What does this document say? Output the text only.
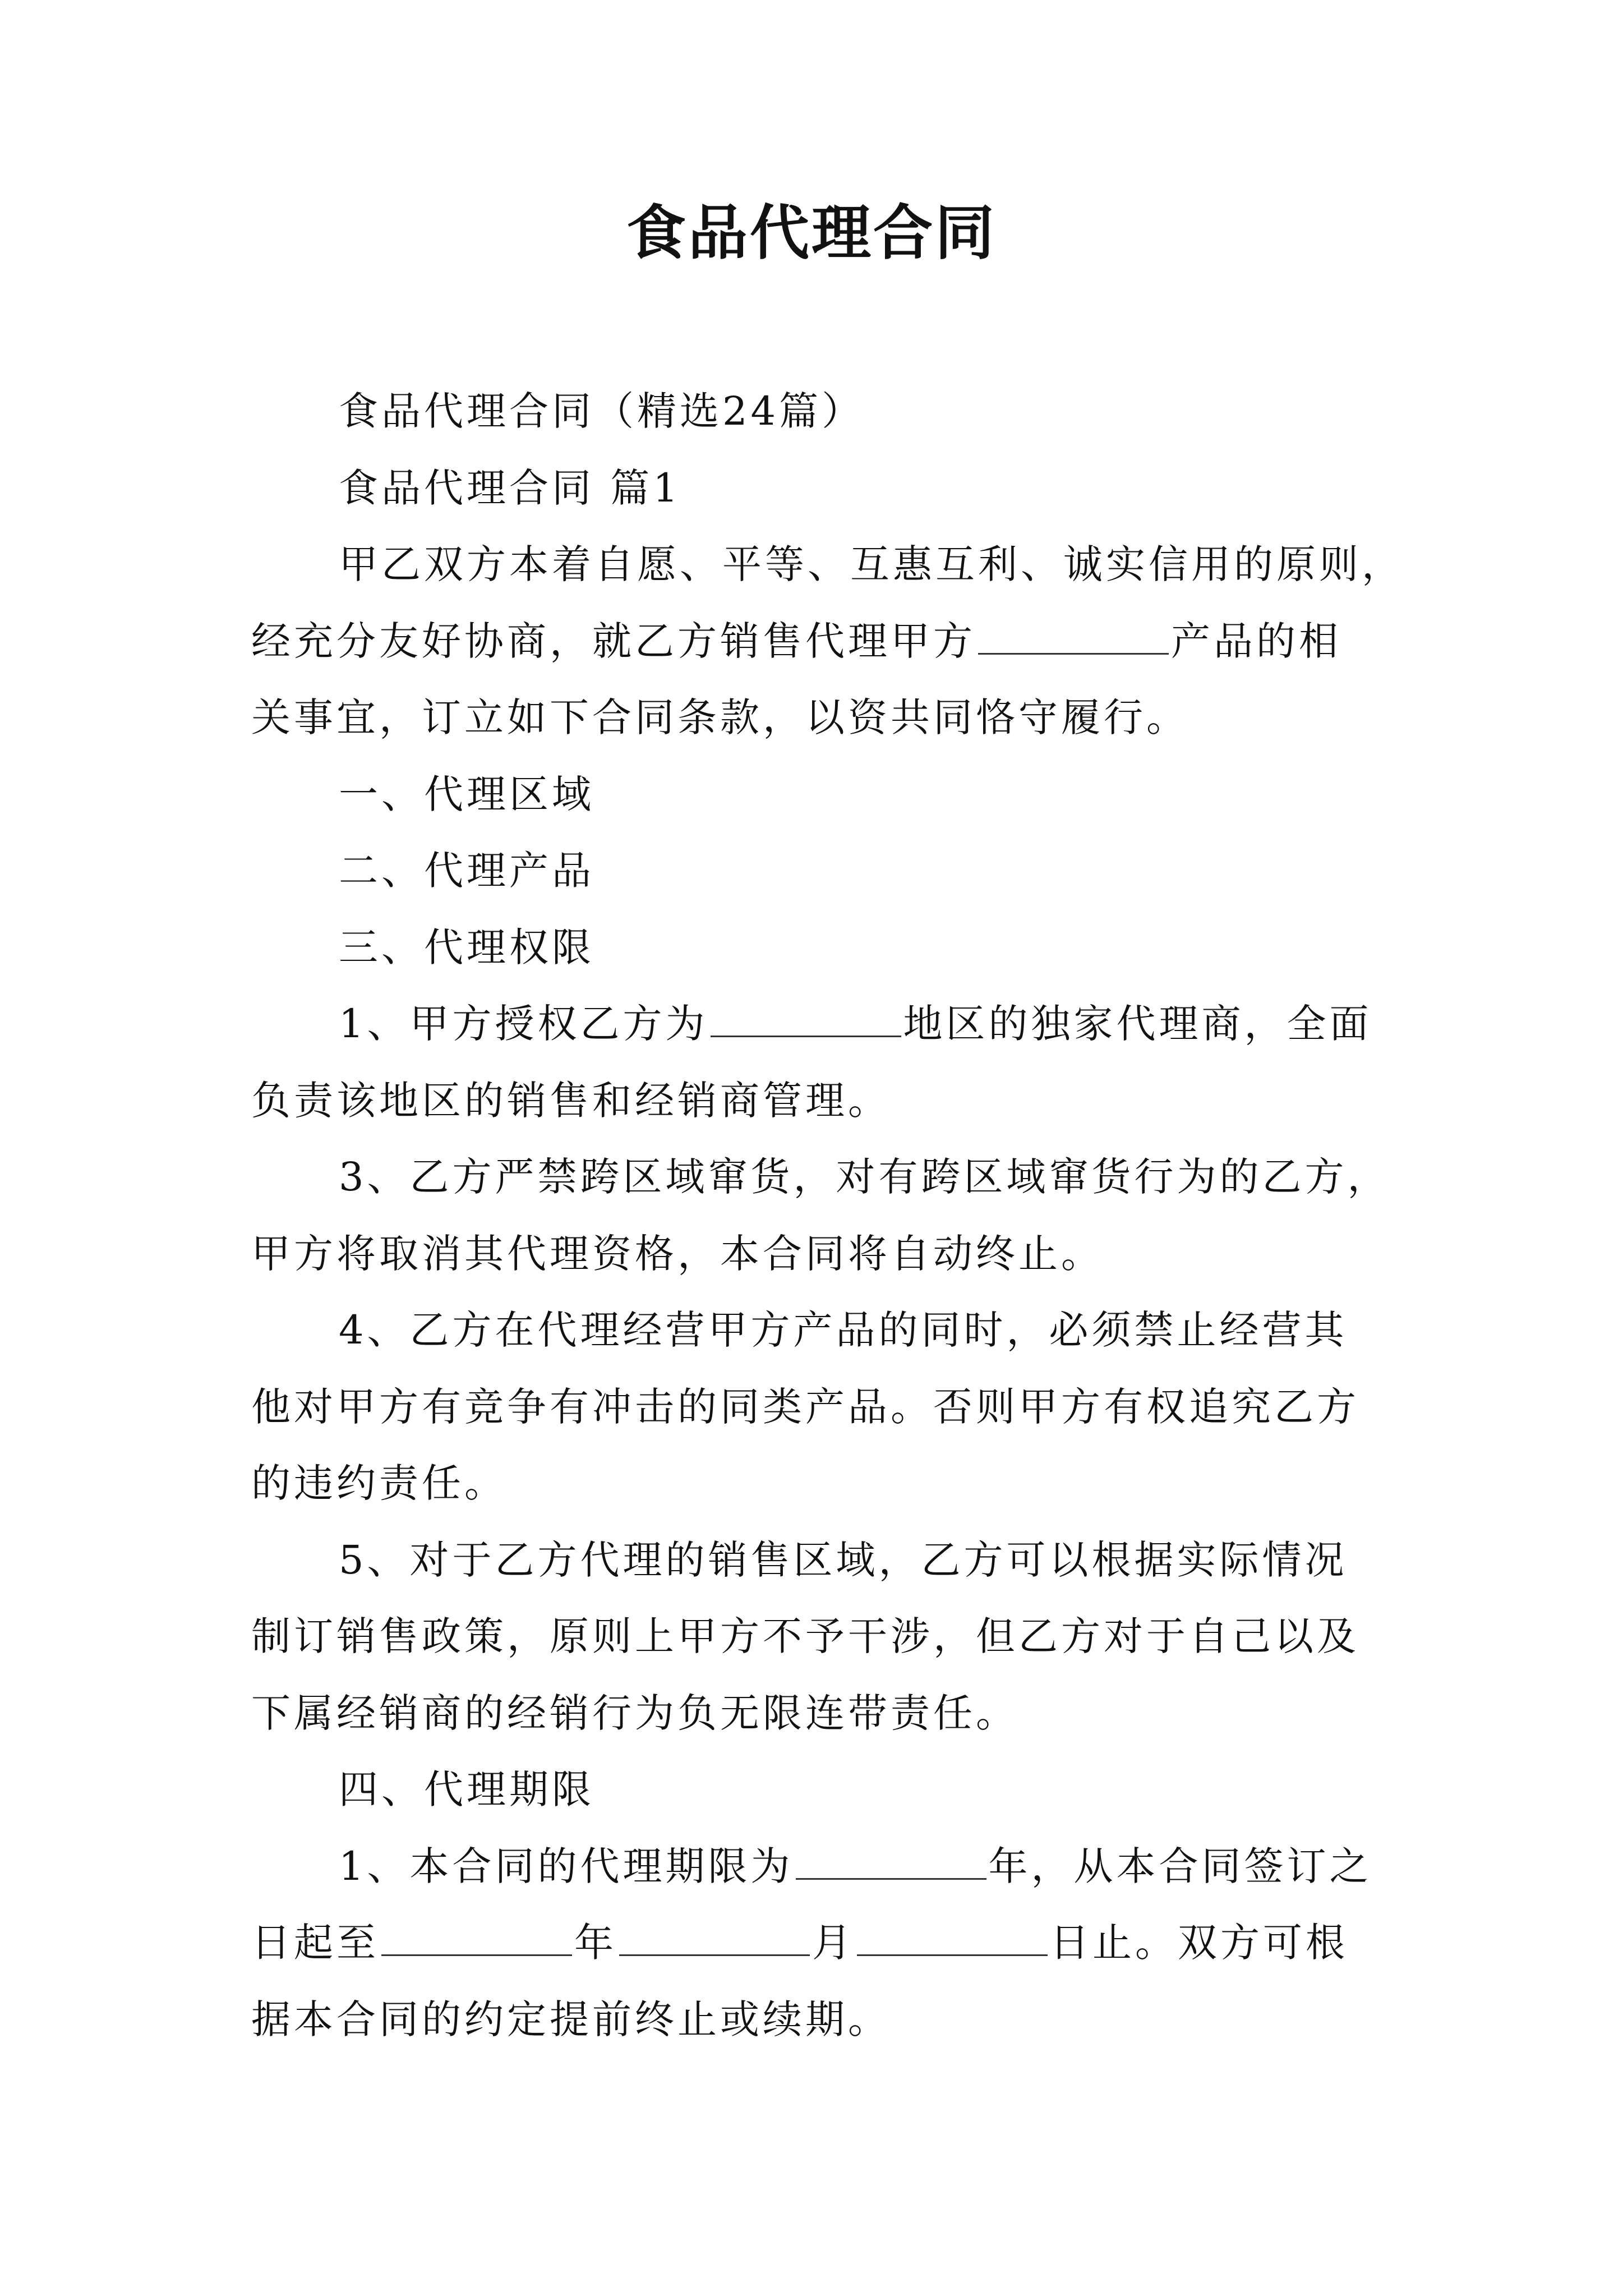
食品代理合同
食品代理合同（精选24篇）
食品代理合同 篇1
甲乙双方本着自愿、平等、互惠互利、诚实信用的原则，
经充分友好协商，就乙方销售代理甲方	产品的相
关事宜，订立如下合同条款，以资共同恪守履行。
一、代理区域
二、代理产品
三、代理权限
1、甲方授权乙方为	地区的独家代理商，全面
负责该地区的销售和经销商管理。
3、乙方严禁跨区域窜货，对有跨区域窜货行为的乙方，
甲方将取消其代理资格，本合同将自动终止。
4、乙方在代理经营甲方产品的同时，必须禁止经营其
他对甲方有竞争有冲击的同类产品。否则甲方有权追究乙方
的违约责任。
5、对于乙方代理的销售区域，乙方可以根据实际情况
制订销售政策，原则上甲方不予干涉，但乙方对于自己以及
下属经销商的经销行为负无限连带责任。
四、代理期限
1、本合同的代理期限为	年，从本合同签订之
日起至	年	月	日止。双方可根
据本合同的约定提前终止或续期。
